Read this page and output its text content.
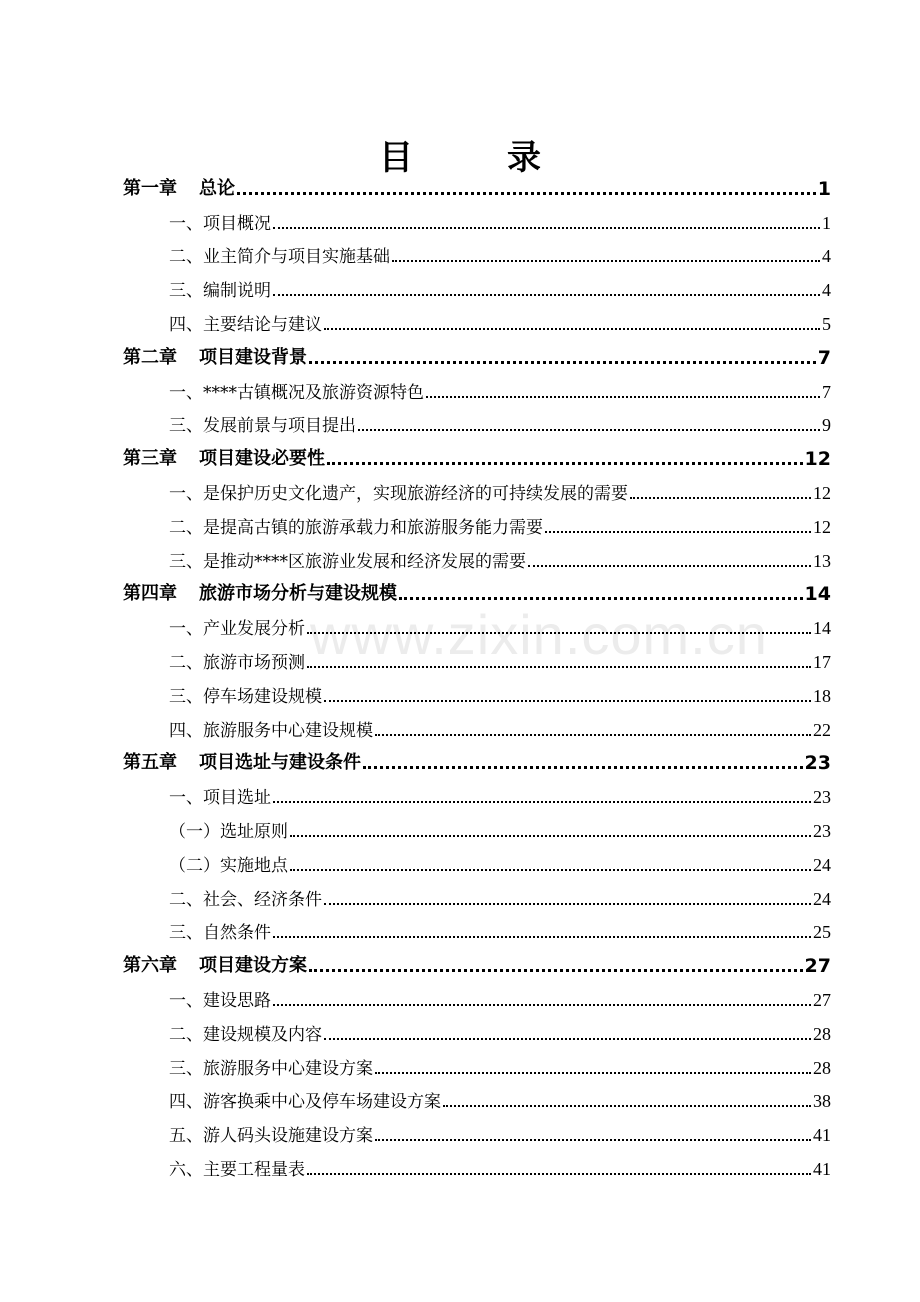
目　录
www.zixin.com.cn
第一章 总论	1
一、项目概况	1
二、业主简介与项目实施基础	4
三、编制说明	4
四、主要结论与建议	5
第二章 项目建设背景	7
一、****古镇概况及旅游资源特色	7
三、发展前景与项目提出	9
第三章 项目建设必要性	12
一、是保护历史文化遗产，实现旅游经济的可持续发展的需要	12
二、是提高古镇的旅游承载力和旅游服务能力需要	12
三、是推动****区旅游业发展和经济发展的需要	13
第四章 旅游市场分析与建设规模	14
一、产业发展分析	14
二、旅游市场预测	17
三、停车场建设规模	18
四、旅游服务中心建设规模	22
第五章 项目选址与建设条件	23
一、项目选址	23
（一）选址原则	23
（二）实施地点	24
二、社会、经济条件	24
三、自然条件	25
第六章 项目建设方案	27
一、建设思路	27
二、建设规模及内容	28
三、旅游服务中心建设方案	28
四、游客换乘中心及停车场建设方案	38
五、游人码头设施建设方案	41
六、主要工程量表	41
